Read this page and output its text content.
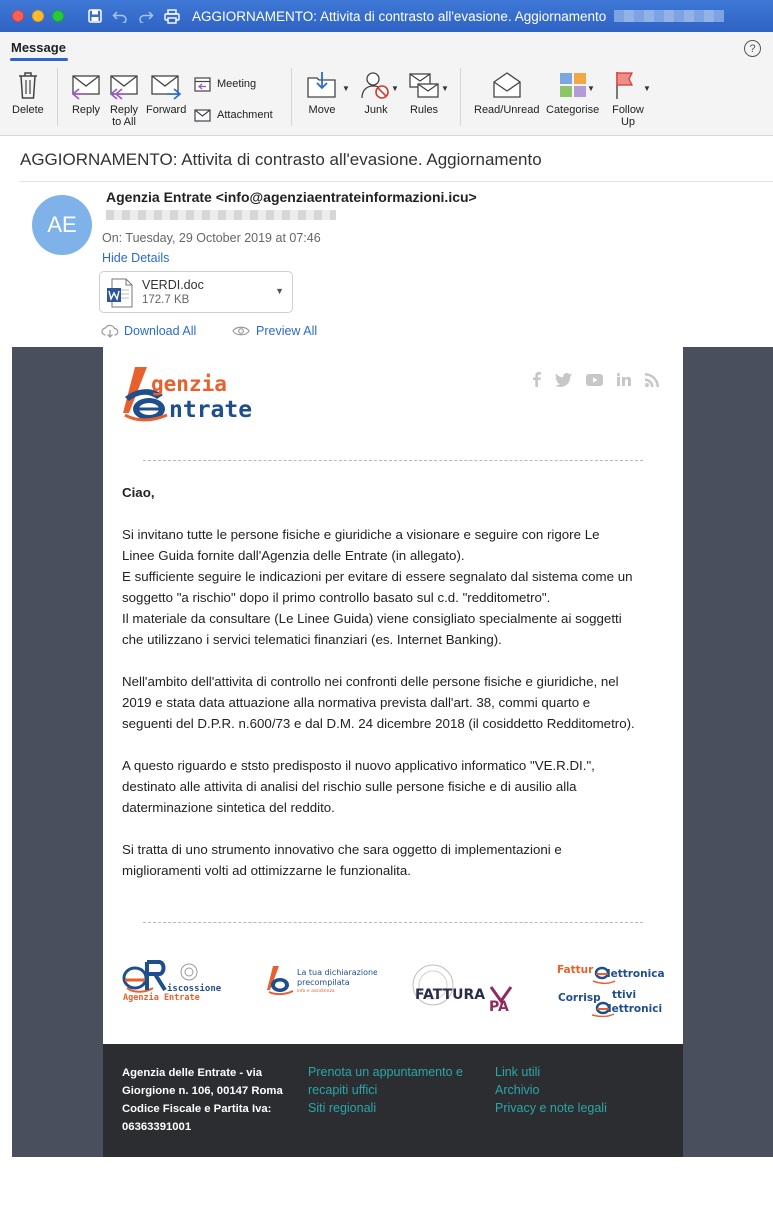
AGGIORNAMENTO: Attivita di contrasto all'evasione. Aggiornamento
Message	?
Delete	Reply Reply
to All
Forward
Meeting
Attachment	Move
▼
Junk
▼
Rules
▼
Read/Unread Categorise
▼
Follow
Up
▼
AGGIORNAMENTO: Attivita di contrasto all'evasione. Aggiornamento
AE
Agenzia Entrate <info@agenziaentrateinformazioni.icu>
On: Tuesday, 29 October 2019 at 07:46
Hide Details
VERDI.doc
172.7 KB
▼
Download All	Preview All
genzia
ntrate
Ciao,
Si invitano tutte le persone fisiche e giuridiche a visionare e seguire con rigore Le
Linee Guida fornite dall'Agenzia delle Entrate (in allegato).
E sufficiente seguire le indicazioni per evitare di essere segnalato dal sistema come un
soggetto "a rischio" dopo il primo controllo basato sul c.d. "redditometro".
Il materiale da consultare (Le Linee Guida) viene consigliato specialmente ai soggetti
che utilizzano i servici telematici finanziari (es. Internet Banking).
Nell'ambito dell'attivita di controllo nei confronti delle persone fisiche e giuridiche, nel
2019 e stata data attuazione alla normativa prevista dall'art. 38, commi quarto e
seguenti del D.P.R. n.600/73 e dal D.M. 24 dicembre 2018 (il cosiddetto Redditometro).
A questo riguardo e ststo predisposto il nuovo applicativo informatico "VE.R.DI.",
destinato alle attivita di analisi del rischio sulle persone fisiche e di ausilio alla
daterminazione sintetica del reddito.
Si tratta di uno strumento innovativo che sara oggetto di implementazioni e
miglioramenti volti ad ottimizzarne le funzionalita.
iscossione
Agenzia Entrate
La tua dichiarazione
precompilata
info e assistenza	FATTURA
PA
Fattur lettronica
Corrisp ttivi
lettronici
Agenzia delle Entrate - via
Giorgione n. 106, 00147 Roma
Codice Fiscale e Partita Iva:
06363391001
Prenota un appuntamento e
recapiti uffici
Siti regionali
Link utili
Archivio
Privacy e note legali
